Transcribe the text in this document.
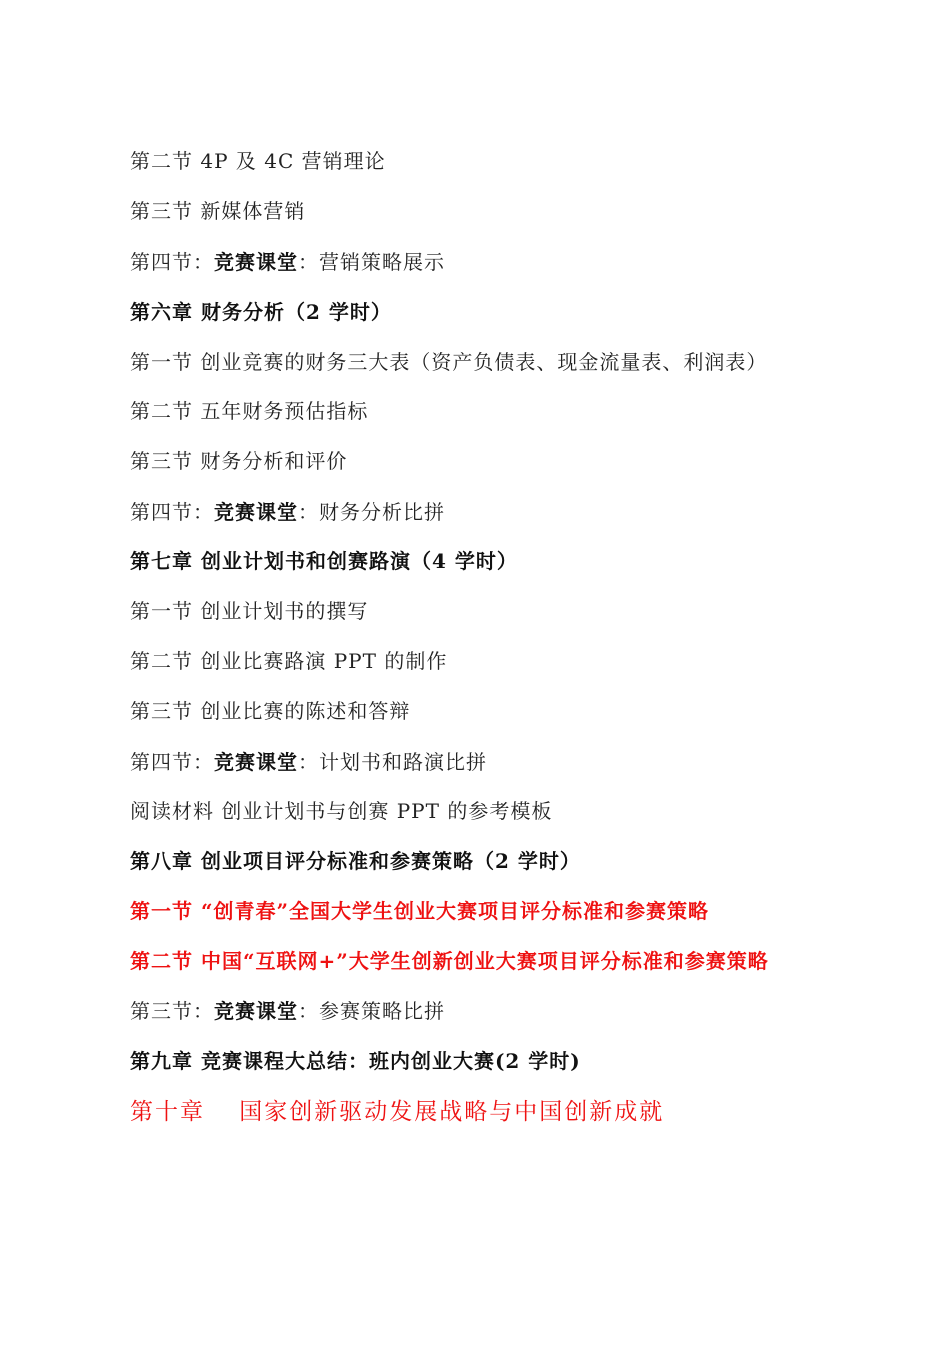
第二节 4P 及 4C 营销理论
第三节 新媒体营销
第四节：竞赛课堂：营销策略展示
第六章 财务分析（2 学时）
第一节 创业竞赛的财务三大表（资产负债表、现金流量表、利润表）
第二节 五年财务预估指标
第三节 财务分析和评价
第四节：竞赛课堂：财务分析比拼
第七章 创业计划书和创赛路演（4 学时）
第一节 创业计划书的撰写
第二节 创业比赛路演 PPT 的制作
第三节 创业比赛的陈述和答辩
第四节：竞赛课堂：计划书和路演比拼
阅读材料 创业计划书与创赛 PPT 的参考模板
第八章 创业项目评分标准和参赛策略（2 学时）
第一节 “创青春”全国大学生创业大赛项目评分标准和参赛策略
第二节 中国“互联网+”大学生创新创业大赛项目评分标准和参赛策略
第三节：竞赛课堂：参赛策略比拼
第九章 竞赛课程大总结：班内创业大赛(2 学时)
第十章　 国家创新驱动发展战略与中国创新成就
